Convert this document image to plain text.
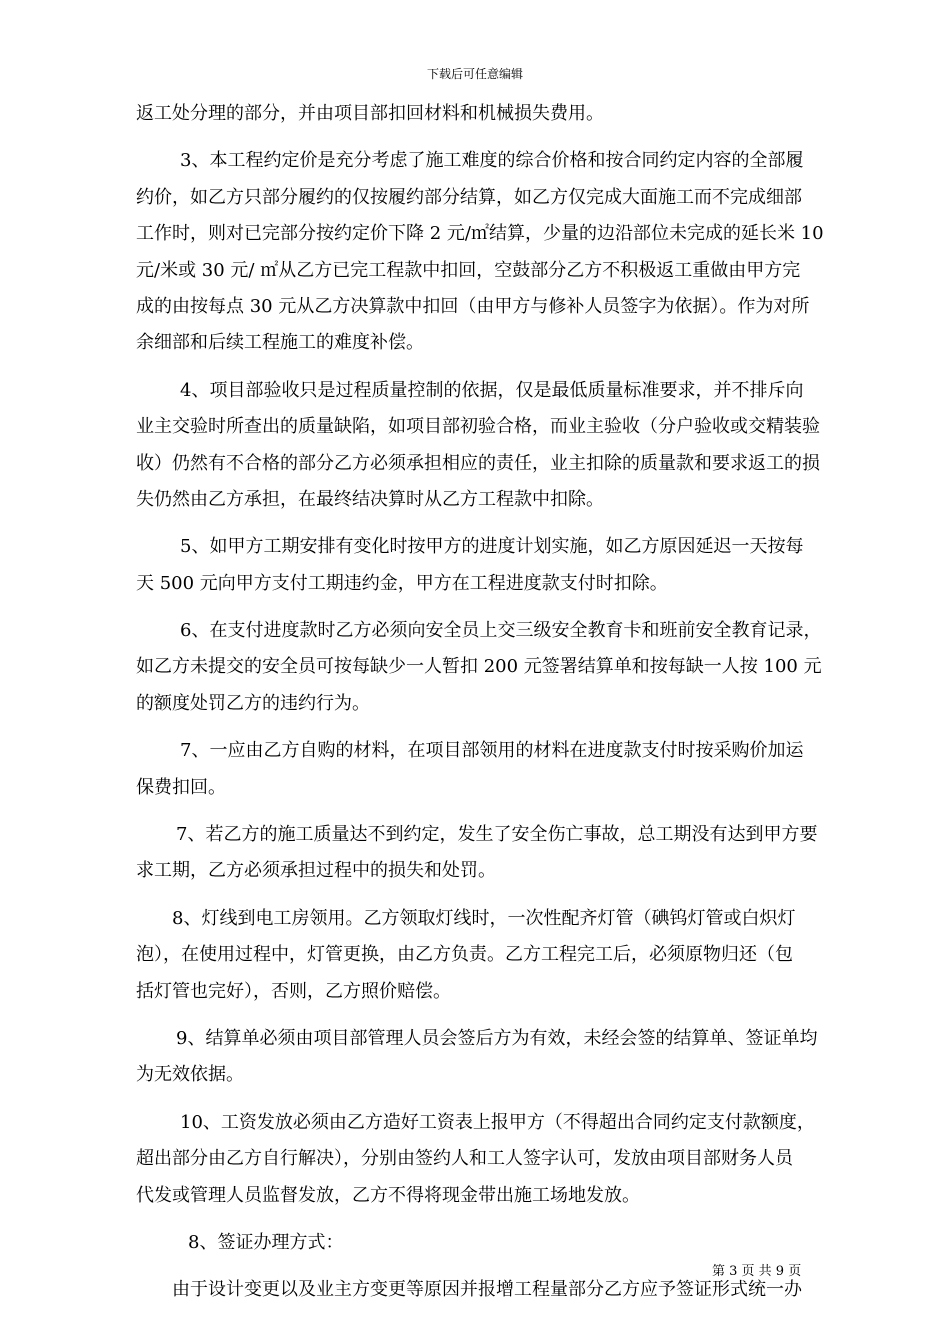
下载后可任意编辑
返工处分理的部分，并由项目部扣回材料和机械损失费用。
3、本工程约定价是充分考虑了施工难度的综合价格和按合同约定内容的全部履
约价，如乙方只部分履约的仅按履约部分结算，如乙方仅完成大面施工而不完成细部
工作时，则对已完部分按约定价下降 2 元/㎡结算，少量的边沿部位未完成的延长米 10
元/米或 30 元/ ㎡从乙方已完工程款中扣回，空鼓部分乙方不积极返工重做由甲方完
成的由按每点 30 元从乙方决算款中扣回（由甲方与修补人员签字为依据）。作为对所
余细部和后续工程施工的难度补偿。
4、项目部验收只是过程质量控制的依据，仅是最低质量标准要求，并不排斥向
业主交验时所查出的质量缺陷，如项目部初验合格，而业主验收（分户验收或交精装验
收）仍然有不合格的部分乙方必须承担相应的责任，业主扣除的质量款和要求返工的损
失仍然由乙方承担，在最终结决算时从乙方工程款中扣除。
5、如甲方工期安排有变化时按甲方的进度计划实施，如乙方原因延迟一天按每
天 500 元向甲方支付工期违约金，甲方在工程进度款支付时扣除。
6、在支付进度款时乙方必须向安全员上交三级安全教育卡和班前安全教育记录，
如乙方未提交的安全员可按每缺少一人暂扣 200 元签署结算单和按每缺一人按 100 元
的额度处罚乙方的违约行为。
7、一应由乙方自购的材料，在项目部领用的材料在进度款支付时按采购价加运
保费扣回。
7、若乙方的施工质量达不到约定，发生了安全伤亡事故，总工期没有达到甲方要
求工期，乙方必须承担过程中的损失和处罚。
8、灯线到电工房领用。乙方领取灯线时，一次性配齐灯管（碘钨灯管或白炽灯
泡），在使用过程中，灯管更换，由乙方负责。乙方工程完工后，必须原物归还（包
括灯管也完好），否则，乙方照价赔偿。
9、结算单必须由项目部管理人员会签后方为有效，未经会签的结算单、签证单均
为无效依据。
10、工资发放必须由乙方造好工资表上报甲方（不得超出合同约定支付款额度，
超出部分由乙方自行解决），分别由签约人和工人签字认可，发放由项目部财务人员
代发或管理人员监督发放，乙方不得将现金带出施工场地发放。
8、签证办理方式：
由于设计变更以及业主方变更等原因并报增工程量部分乙方应予签证形式统一办
第 3 页 共 9 页
